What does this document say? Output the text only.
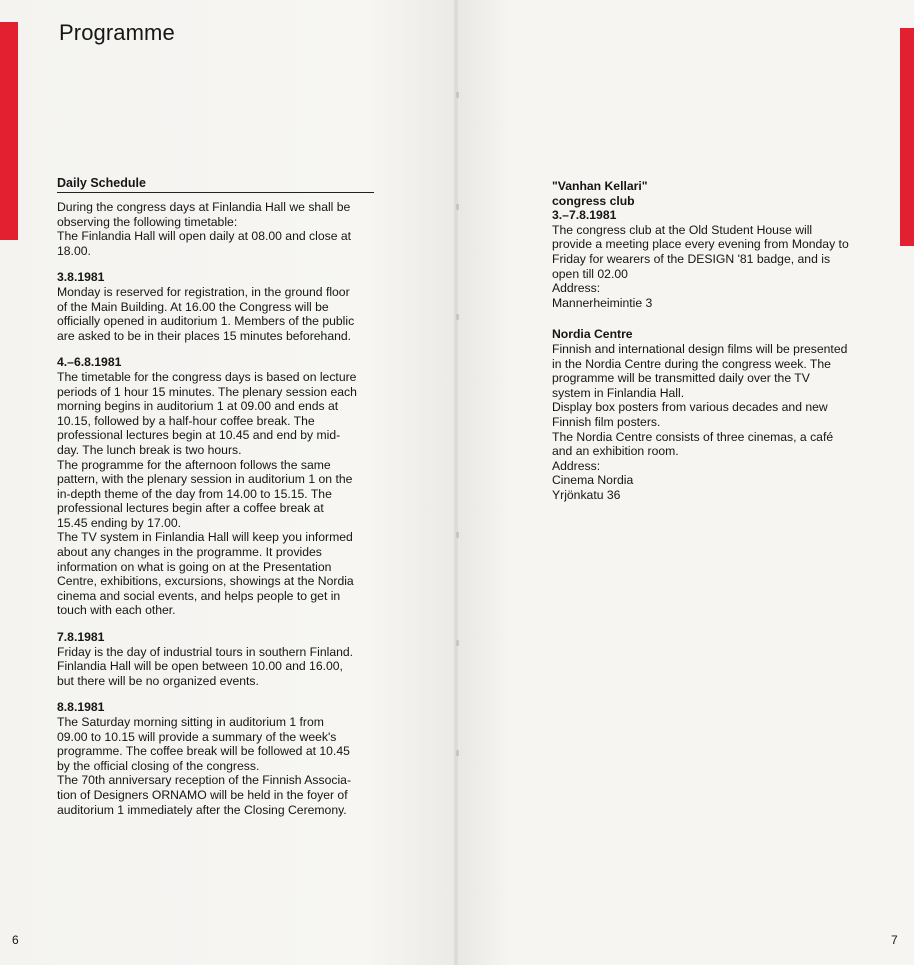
Programme
Daily Schedule

During the congress days at Finlandia Hall we shall be

observing the following timetable:

The Finlandia Hall will open daily at 08.00 and close at

18.00.

3.8.1981

Monday is reserved for registration, in the ground floor

of the Main Building. At 16.00 the Congress will be

officially opened in auditorium 1. Members of the public

are asked to be in their places 15 minutes beforehand.

4.–6.8.1981

The timetable for the congress days is based on lecture

periods of 1 hour 15 minutes. The plenary session each

morning begins in auditorium 1 at 09.00 and ends at

10.15, followed by a half-hour coffee break. The

professional lectures begin at 10.45 and end by mid-

day. The lunch break is two hours.

The programme for the afternoon follows the same

pattern, with the plenary session in auditorium 1 on the

in-depth theme of the day from 14.00 to 15.15. The

professional lectures begin after a coffee break at

15.45 ending by 17.00.

The TV system in Finlandia Hall will keep you informed

about any changes in the programme. It provides

information on what is going on at the Presentation

Centre, exhibitions, excursions, showings at the Nordia

cinema and social events, and helps people to get in

touch with each other.

7.8.1981

Friday is the day of industrial tours in southern Finland.

Finlandia Hall will be open between 10.00 and 16.00,

but there will be no organized events.

8.8.1981

The Saturday morning sitting in auditorium 1 from

09.00 to 10.15 will provide a summary of the week's

programme. The coffee break will be followed at 10.45

by the official closing of the congress.

The 70th anniversary reception of the Finnish Associa-

tion of Designers ORNAMO will be held in the foyer of

auditorium 1 immediately after the Closing Ceremony.

"Vanhan Kellari"

congress club

3.–7.8.1981

The congress club at the Old Student House will

provide a meeting place every evening from Monday to

Friday for wearers of the DESIGN '81 badge, and is

open till 02.00

Address:

Mannerheimintie 3

Nordia Centre

Finnish and international design films will be presented

in the Nordia Centre during the congress week. The

programme will be transmitted daily over the TV

system in Finlandia Hall.

Display box posters from various decades and new

Finnish film posters.

The Nordia Centre consists of three cinemas, a café

and an exhibition room.

Address:

Cinema Nordia

Yrjönkatu 36

6	7
